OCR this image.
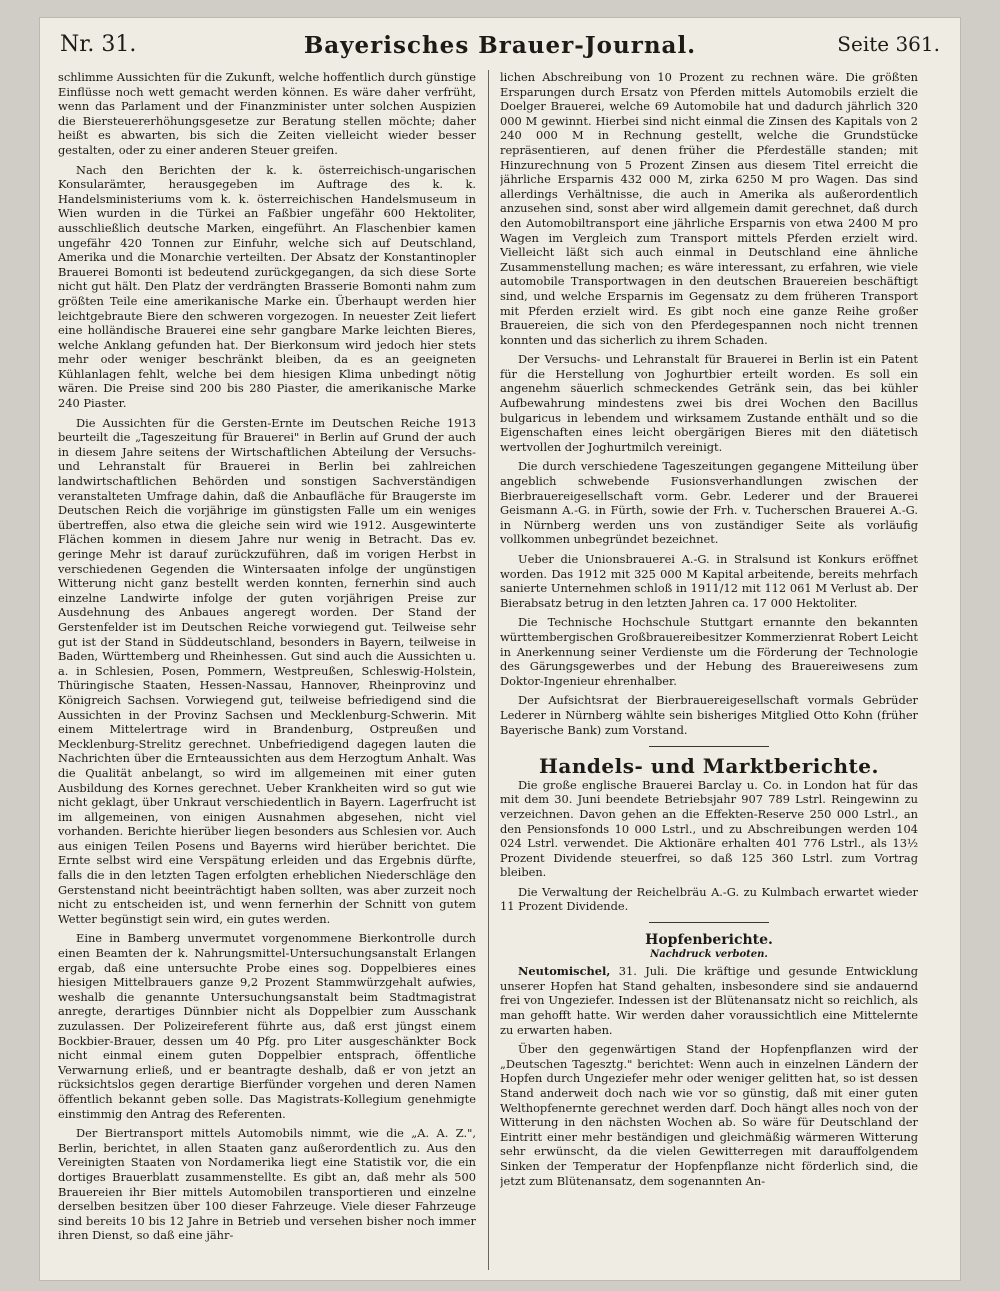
Nr. 31.	Bayerisches Brauer-Journal.	Seite 361.

schlimme Aussichten für die Zukunft, welche hoffentlich durch günstige Einflüsse noch wett gemacht werden können. Es wäre daher verfrüht, wenn das Parlament und der Finanzminister unter solchen Auspizien die Biersteuererhöhungsgesetze zur Beratung stellen möchte; daher heißt es abwarten, bis sich die Zeiten vielleicht wieder besser gestalten, oder zu einer anderen Steuer greifen.

Nach den Berichten der k. k. österreichisch-ungarischen Konsularämter, herausgegeben im Auftrage des k. k. Handelsministeriums vom k. k. österreichischen Handelsmuseum in Wien wurden in die Türkei an Faßbier ungefähr 600 Hektoliter, ausschließlich deutsche Marken, eingeführt. An Flaschenbier kamen ungefähr 420 Tonnen zur Einfuhr, welche sich auf Deutschland, Amerika und die Monarchie verteilten. Der Absatz der Konstantinopler Brauerei Bomonti ist bedeutend zurückgegangen, da sich diese Sorte nicht gut hält. Den Platz der verdrängten Brasserie Bomonti nahm zum größten Teile eine amerikanische Marke ein. Überhaupt werden hier leichtgebraute Biere den schweren vorgezogen. In neuester Zeit liefert eine holländische Brauerei eine sehr gangbare Marke leichten Bieres, welche Anklang gefunden hat. Der Bierkonsum wird jedoch hier stets mehr oder weniger beschränkt bleiben, da es an geeigneten Kühlanlagen fehlt, welche bei dem hiesigen Klima unbedingt nötig wären. Die Preise sind 200 bis 280 Piaster, die amerikanische Marke 240 Piaster.

Die Aussichten für die Gersten-Ernte im Deutschen Reiche 1913 beurteilt die „Tageszeitung für Brauerei" in Berlin auf Grund der auch in diesem Jahre seitens der Wirtschaftlichen Abteilung der Versuchs- und Lehranstalt für Brauerei in Berlin bei zahlreichen landwirtschaftlichen Behörden und sonstigen Sachverständigen veranstalteten Umfrage dahin, daß die Anbaufläche für Braugerste im Deutschen Reich die vorjährige im günstigsten Falle um ein weniges übertreffen, also etwa die gleiche sein wird wie 1912. Ausgewinterte Flächen kommen in diesem Jahre nur wenig in Betracht. Das ev. geringe Mehr ist darauf zurückzuführen, daß im vorigen Herbst in verschiedenen Gegenden die Wintersaaten infolge der ungünstigen Witterung nicht ganz bestellt werden konnten, fernerhin sind auch einzelne Landwirte infolge der guten vorjährigen Preise zur Ausdehnung des Anbaues angeregt worden. Der Stand der Gerstenfelder ist im Deutschen Reiche vorwiegend gut. Teilweise sehr gut ist der Stand in Süddeutschland, besonders in Bayern, teilweise in Baden, Württemberg und Rheinhessen. Gut sind auch die Aussichten u. a. in Schlesien, Posen, Pommern, Westpreußen, Schleswig-Holstein, Thüringische Staaten, Hessen-Nassau, Hannover, Rheinprovinz und Königreich Sachsen. Vorwiegend gut, teilweise befriedigend sind die Aussichten in der Provinz Sachsen und Mecklenburg-Schwerin. Mit einem Mittelertrage wird in Brandenburg, Ostpreußen und Mecklenburg-Strelitz gerechnet. Unbefriedigend dagegen lauten die Nachrichten über die Ernteaussichten aus dem Herzogtum Anhalt. Was die Qualität anbelangt, so wird im allgemeinen mit einer guten Ausbildung des Kornes gerechnet. Ueber Krankheiten wird so gut wie nicht geklagt, über Unkraut verschiedentlich in Bayern. Lagerfrucht ist im allgemeinen, von einigen Ausnahmen abgesehen, nicht viel vorhanden. Berichte hierüber liegen besonders aus Schlesien vor. Auch aus einigen Teilen Posens und Bayerns wird hierüber berichtet. Die Ernte selbst wird eine Verspätung erleiden und das Ergebnis dürfte, falls die in den letzten Tagen erfolgten erheblichen Niederschläge den Gerstenstand nicht beeinträchtigt haben sollten, was aber zurzeit noch nicht zu entscheiden ist, und wenn fernerhin der Schnitt von gutem Wetter begünstigt sein wird, ein gutes werden.

Eine in Bamberg unvermutet vorgenommene Bierkontrolle durch einen Beamten der k. Nahrungsmittel-Untersuchungsanstalt Erlangen ergab, daß eine untersuchte Probe eines sog. Doppelbieres eines hiesigen Mittelbrauers ganze 9,2 Prozent Stammwürzgehalt aufwies, weshalb die genannte Untersuchungsanstalt beim Stadtmagistrat anregte, derartiges Dünnbier nicht als Doppelbier zum Ausschank zuzulassen. Der Polizeireferent führte aus, daß erst jüngst einem Bockbier-Brauer, dessen um 40 Pfg. pro Liter ausgeschänkter Bock nicht einmal einem guten Doppelbier entsprach, öffentliche Verwarnung erließ, und er beantragte deshalb, daß er von jetzt an rücksichtslos gegen derartige Bierfünder vorgehen und deren Namen öffentlich bekannt geben solle. Das Magistrats-Kollegium genehmigte einstimmig den Antrag des Referenten.

Der Biertransport mittels Automobils nimmt, wie die „A. A. Z.", Berlin, berichtet, in allen Staaten ganz außerordentlich zu. Aus den Vereinigten Staaten von Nordamerika liegt eine Statistik vor, die ein dortiges Brauerblatt zusammenstellte. Es gibt an, daß mehr als 500 Brauereien ihr Bier mittels Automobilen transportieren und einzelne derselben besitzen über 100 dieser Fahrzeuge. Viele dieser Fahrzeuge sind bereits 10 bis 12 Jahre in Betrieb und versehen bisher noch immer ihren Dienst, so daß eine jähr-

lichen Abschreibung von 10 Prozent zu rechnen wäre. Die größten Ersparungen durch Ersatz von Pferden mittels Automobils erzielt die Doelger Brauerei, welche 69 Automobile hat und dadurch jährlich 320 000 M gewinnt. Hierbei sind nicht einmal die Zinsen des Kapitals von 2 240 000 M in Rechnung gestellt, welche die Grundstücke repräsentieren, auf denen früher die Pferdeställe standen; mit Hinzurechnung von 5 Prozent Zinsen aus diesem Titel erreicht die jährliche Ersparnis 432 000 M, zirka 6250 M pro Wagen. Das sind allerdings Verhältnisse, die auch in Amerika als außerordentlich anzusehen sind, sonst aber wird allgemein damit gerechnet, daß durch den Automobiltransport eine jährliche Ersparnis von etwa 2400 M pro Wagen im Vergleich zum Transport mittels Pferden erzielt wird. Vielleicht läßt sich auch einmal in Deutschland eine ähnliche Zusammenstellung machen; es wäre interessant, zu erfahren, wie viele automobile Transportwagen in den deutschen Brauereien beschäftigt sind, und welche Ersparnis im Gegensatz zu dem früheren Transport mit Pferden erzielt wird. Es gibt noch eine ganze Reihe großer Brauereien, die sich von den Pferdegespannen noch nicht trennen konnten und das sicherlich zu ihrem Schaden.

Der Versuchs- und Lehranstalt für Brauerei in Berlin ist ein Patent für die Herstellung von Joghurtbier erteilt worden. Es soll ein angenehm säuerlich schmeckendes Getränk sein, das bei kühler Aufbewahrung mindestens zwei bis drei Wochen den Bacillus bulgaricus in lebendem und wirksamem Zustande enthält und so die Eigenschaften eines leicht obergärigen Bieres mit den diätetisch wertvollen der Joghurtmilch vereinigt.

Die durch verschiedene Tageszeitungen gegangene Mitteilung über angeblich schwebende Fusionsverhandlungen zwischen der Bierbrauereigesellschaft vorm. Gebr. Lederer und der Brauerei Geismann A.-G. in Fürth, sowie der Frh. v. Tucherschen Brauerei A.-G. in Nürnberg werden uns von zuständiger Seite als vorläufig vollkommen unbegründet bezeichnet.

Ueber die Unionsbrauerei A.-G. in Stralsund ist Konkurs eröffnet worden. Das 1912 mit 325 000 M Kapital arbeitende, bereits mehrfach sanierte Unternehmen schloß in 1911/12 mit 112 061 M Verlust ab. Der Bierabsatz betrug in den letzten Jahren ca. 17 000 Hektoliter.

Die Technische Hochschule Stuttgart ernannte den bekannten württembergischen Großbrauereibesitzer Kommerzienrat Robert Leicht in Anerkennung seiner Verdienste um die Förderung der Technologie des Gärungsgewerbes und der Hebung des Brauereiwesens zum Doktor-Ingenieur ehrenhalber.

Der Aufsichtsrat der Bierbrauereigesellschaft vormals Gebrüder Lederer in Nürnberg wählte sein bisheriges Mitglied Otto Kohn (früher Bayerische Bank) zum Vorstand.

Handels- und Marktberichte.

Die große englische Brauerei Barclay u. Co. in London hat für das mit dem 30. Juni beendete Betriebsjahr 907 789 Lstrl. Reingewinn zu verzeichnen. Davon gehen an die Effekten-Reserve 250 000 Lstrl., an den Pensionsfonds 10 000 Lstrl., und zu Abschreibungen werden 104 024 Lstrl. verwendet. Die Aktionäre erhalten 401 776 Lstrl., als 13½ Prozent Dividende steuerfrei, so daß 125 360 Lstrl. zum Vortrag bleiben.

Die Verwaltung der Reichelbräu A.-G. zu Kulmbach erwartet wieder 11 Prozent Dividende.

Hopfenberichte.
Nachdruck verboten.

Neutomischel, 31. Juli. Die kräftige und gesunde Entwicklung unserer Hopfen hat Stand gehalten, insbesondere sind sie andauernd frei von Ungeziefer. Indessen ist der Blütenansatz nicht so reichlich, als man gehofft hatte. Wir werden daher voraussichtlich eine Mittelernte zu erwarten haben.

Über den gegenwärtigen Stand der Hopfenpflanzen wird der „Deutschen Tagesztg." berichtet: Wenn auch in einzelnen Ländern der Hopfen durch Ungeziefer mehr oder weniger gelitten hat, so ist dessen Stand anderweit doch nach wie vor so günstig, daß mit einer guten Welthopfenernte gerechnet werden darf. Doch hängt alles noch von der Witterung in den nächsten Wochen ab. So wäre für Deutschland der Eintritt einer mehr beständigen und gleichmäßig wärmeren Witterung sehr erwünscht, da die vielen Gewitterregen mit darauffolgendem Sinken der Temperatur der Hopfenpflanze nicht förderlich sind, die jetzt zum Blütenansatz, dem sogenannten An-
